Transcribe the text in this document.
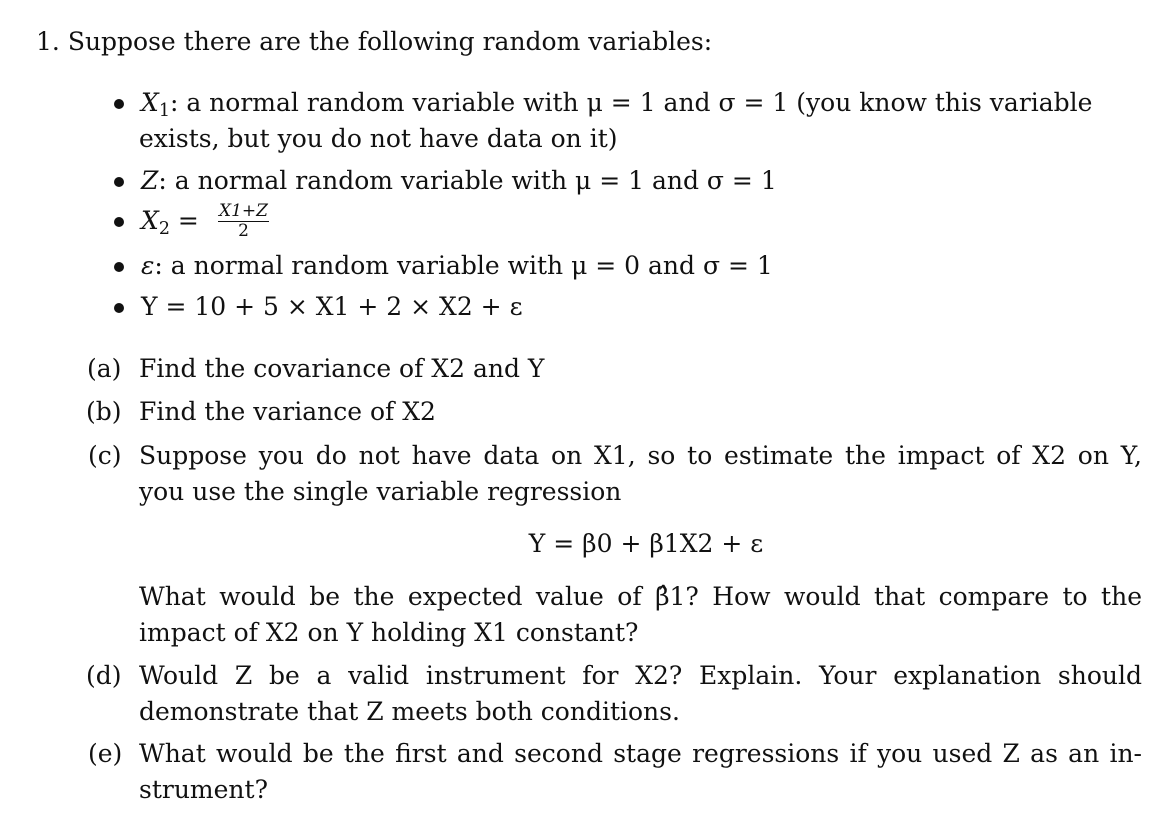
1. Suppose there are the following random variables:
$X_1$: a normal random variable with μ = 1 and σ = 1 (you know this variable
exists, but you do not have data on it)
Z: a normal random variable with μ = 1 and σ = 1
$X_2 = \frac{X1+Z}{2}$
ε: a normal random variable with μ = 0 and σ = 1
Y = 10 + 5 × X1 + 2 × X2 + ε
(a) Find the covariance of X2 and Y
(b) Find the variance of X2
(c) Suppose you do not have data on X1, so to estimate the impact of X2 on Y,
you use the single variable regression
Y = β0 + β1X2 + ε
What would be the expected value of β̂1? How would that compare to the
impact of X2 on Y holding X1 constant?
(d) Would Z be a valid instrument for X2? Explain. Your explanation should
demonstrate that Z meets both conditions.
(e) What would be the first and second stage regressions if you used Z as an in-
strument?
